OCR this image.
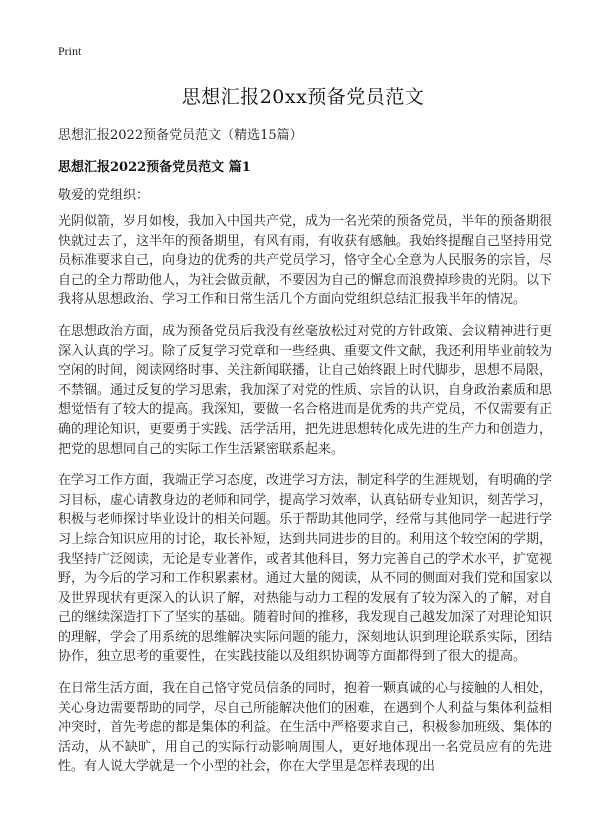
Print
思想汇报20xx预备党员范文
思想汇报2022预备党员范文（精选15篇）
思想汇报2022预备党员范文 篇1
敬爱的党组织：

光阴似箭，岁月如梭，我加入中国共产党，成为一名光荣的预备党员，半年的预备期很快就过去了，这半年的预备期里，有风有雨，有收获有感触。我始终提醒自己坚持用党员标准要求自己，向身边的优秀的共产党员学习，恪守全心全意为人民服务的宗旨，尽自己的全力帮助他人，为社会做贡献，不要因为自己的懈怠而浪费掉珍贵的光阴。以下我将从思想政治、学习工作和日常生活几个方面向党组织总结汇报我半年的情况。

在思想政治方面，成为预备党员后我没有丝毫放松过对党的方针政策、会议精神进行更深入认真的学习。除了反复学习党章和一些经典、重要文件文献，我还利用毕业前较为空闲的时间，阅读网络时事、关注新闻联播，让自己始终跟上时代脚步，思想不局限，不禁锢。通过反复的学习思索，我加深了对党的性质、宗旨的认识，自身政治素质和思想觉悟有了较大的提高。我深知，要做一名合格进而是优秀的共产党员，不仅需要有正确的理论知识，更要勇于实践、活学活用，把先进思想转化成先进的生产力和创造力，把党的思想同自己的实际工作生活紧密联系起来。

在学习工作方面，我端正学习态度，改进学习方法，制定科学的生涯规划，有明确的学习目标，虚心请教身边的老师和同学，提高学习效率，认真钻研专业知识，刻苦学习，积极与老师探讨毕业设计的相关问题。乐于帮助其他同学，经常与其他同学一起进行学习上综合知识应用的讨论，取长补短，达到共同进步的目的。利用这个较空闲的学期，我坚持广泛阅读，无论是专业著作，或者其他科目，努力完善自己的学术水平，扩宽视野，为今后的学习和工作积累素材。通过大量的阅读，从不同的侧面对我们党和国家以及世界现状有更深入的认识了解，对热能与动力工程的发展有了较为深入的了解，对自己的继续深造打下了坚实的基础。随着时间的推移，我发现自己越发加深了对理论知识的理解，学会了用系统的思维解决实际问题的能力，深刻地认识到理论联系实际，团结协作，独立思考的重要性，在实践技能以及组织协调等方面都得到了很大的提高。

在日常生活方面，我在自己恪守党员信条的同时，抱着一颗真诚的心与接触的人相处，关心身边需要帮助的同学，尽自己所能解决他们的困难，在遇到个人利益与集体利益相冲突时，首先考虑的都是集体的利益。在生活中严格要求自己，积极参加班级、集体的活动，从不缺旷，用自己的实际行动影响周围人，更好地体现出一名党员应有的先进性。有人说大学就是一个小型的社会，你在大学里是怎样表现的出
